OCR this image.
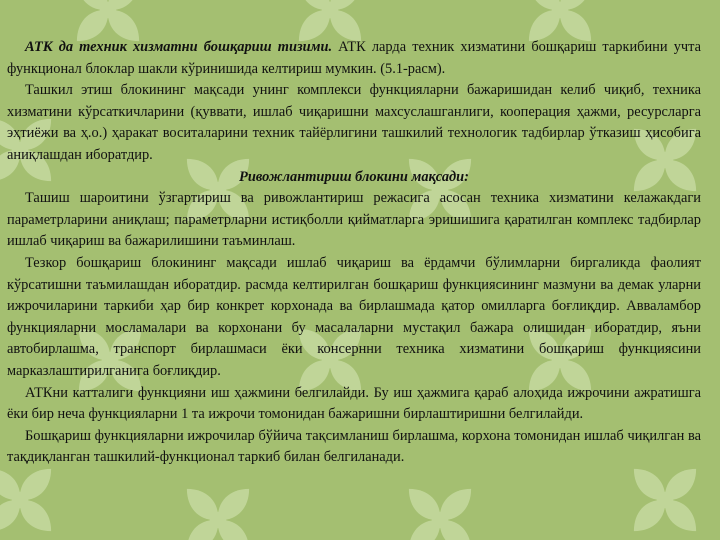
АТК да техник хизматни бошқариш тизими. АТК ларда техник хизматини бошқариш таркибини учта функционал блоклар шакли кўринишида келтириш мумкин. (5.1-расм).

Ташкил этиш блокининг мақсади унинг комплекси функцияларни бажаришидан келиб чиқиб, техника хизматини кўрсаткичларини (қуввати, ишлаб чиқаришни махсуслашганлиги, кооперация ҳажми, ресурсларга эҳтиёжи ва ҳ.о.) ҳаракат воситаларини техник тайёрлигини ташкилий технологик тадбирлар ўтказиш ҳисобига аниқлашдан иборатдир.

Ривожлантириш блокини мақсади:

Ташиш шароитини ўзгартириш ва ривожлантириш режасига асосан техника хизматини келажакдаги параметрларини аниқлаш; параметрларни истиқболли қийматларга эришишига қаратилган комплекс тадбирлар ишлаб чиқариш ва бажарилишини таъминлаш.

Тезкор бошқариш блокининг мақсади ишлаб чиқариш ва ёрдамчи бўлимларни биргаликда фаолият кўрсатишни таъмилашдан иборатдир. расмда келтирилган бошқариш функциясининг мазмуни ва демак уларни ижрочиларини таркиби ҳар бир конкрет корхонада ва бирлашмада қатор омилларга боғлиқдир. Авваламбор функцияларни мосламалари ва корхонани бу масалаларни мустақил бажара олишидан иборатдир, яъни автобирлашма, транспорт бирлашмаси ёки консернни техника хизматини бошқариш функциясини марказлаштирилганига боғлиқдир.

АТКни катталиги функцияни иш ҳажмини белгилайди. Бу иш ҳажмига қараб алоҳида ижрочини ажратишга ёки бир неча функцияларни 1 та ижрочи томонидан бажаришни бирлаштиришни белгилайди.

Бошқариш функцияларни ижрочилар бўйича тақсимланиш бирлашма, корхона томонидан ишлаб чиқилган ва тақдиқланган ташкилий-функционал таркиб билан белгиланади.
